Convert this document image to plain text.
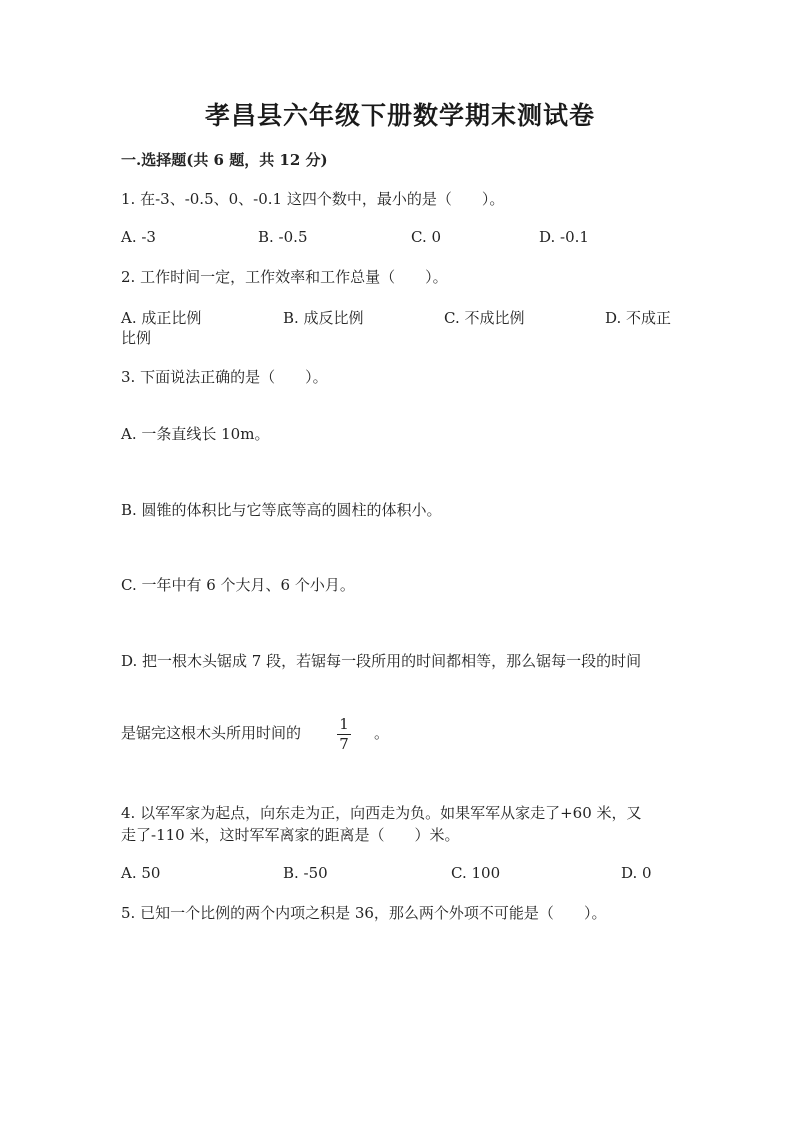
孝昌县六年级下册数学期末测试卷
一.选择题(共 6 题，共 12 分)
1. 在-3、-0.5、0、-0.1 这四个数中，最小的是（　　）。
A. -3	B. -0.5	C. 0	D. -0.1
2. 工作时间一定，工作效率和工作总量（　　）。
A. 成正比例	B. 成反比例	C. 不成比例	D. 不成正
比例
3. 下面说法正确的是（　　）。
A. 一条直线长 10m。
B. 圆锥的体积比与它等底等高的圆柱的体积小。
C. 一年中有 6 个大月、6 个小月。
D. 把一根木头锯成 7 段，若锯每一段所用的时间都相等，那么锯每一段的时间
是锯完这根木头所用时间的	1
7
。
4. 以军军家为起点，向东走为正，向西走为负。如果军军从家走了+60 米，又
走了-110 米，这时军军离家的距离是（　　）米。
A. 50	B. -50	C. 100	D. 0
5. 已知一个比例的两个内项之积是 36，那么两个外项不可能是（　　）。
